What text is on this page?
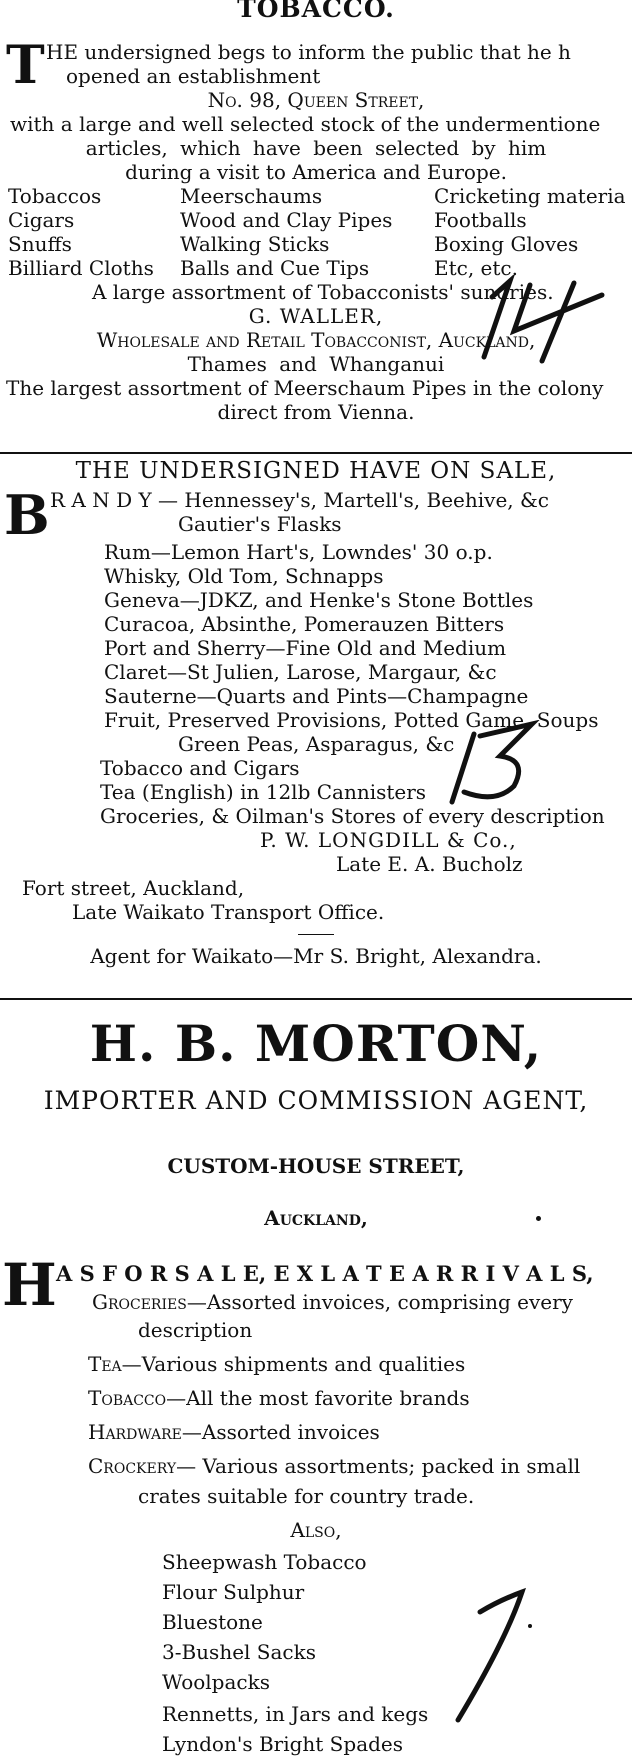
TOBACCO.
T HE undersigned begs to inform the public that he h
opened an establishment
No. 98, Queen Street,
with a large and well selected stock of the undermentione
articles, which have been selected by him
during a visit to America and Europe.
Tobaccos
Cigars
Snuffs
Billiard Cloths
Meerschaums
Wood and Clay Pipes
Walking Sticks
Balls and Cue Tips
Cricketing materia
Footballs
Boxing Gloves
Etc, etc.
A large assortment of Tobacconists' sundries.
G. WALLER,
Wholesale and Retail Tobacconist, Auckland,
Thames and Whanganui
The largest assortment of Meerschaum Pipes in the colony
direct from Vienna.
THE UNDERSIGNED HAVE ON SALE,
B R A N D Y — Hennessey's, Martell's, Beehive, &c
Gautier's Flasks
Rum—Lemon Hart's, Lowndes' 30 o.p.
Whisky, Old Tom, Schnapps
Geneva—JDKZ, and Henke's Stone Bottles
Curacoa, Absinthe, Pomerauzen Bitters
Port and Sherry—Fine Old and Medium
Claret—St Julien, Larose, Margaur, &c
Sauterne—Quarts and Pints—Champagne
Fruit, Preserved Provisions, Potted Game, Soups
Green Peas, Asparagus, &c
Tobacco and Cigars
Tea (English) in 12lb Cannisters
Groceries, & Oilman's Stores of every description
P. W. LONGDILL & Co.,
Late E. A. Bucholz
Fort street, Auckland,
Late Waikato Transport Office.
Agent for Waikato—Mr S. Bright, Alexandra.
H. B. MORTON,
IMPORTER AND COMMISSION AGENT,
CUSTOM-HOUSE STREET,
Auckland,
H A S F O R S A L E, E X L A T E A R R I V A L S,
Groceries—Assorted invoices, comprising every
description
Tea—Various shipments and qualities
Tobacco—All the most favorite brands
Hardware—Assorted invoices
Crockery— Various assortments; packed in small
crates suitable for country trade.
Also,
Sheepwash Tobacco
Flour Sulphur
Bluestone
3-Bushel Sacks
Woolpacks
Rennetts, in Jars and kegs
Lyndon's Bright Spades
